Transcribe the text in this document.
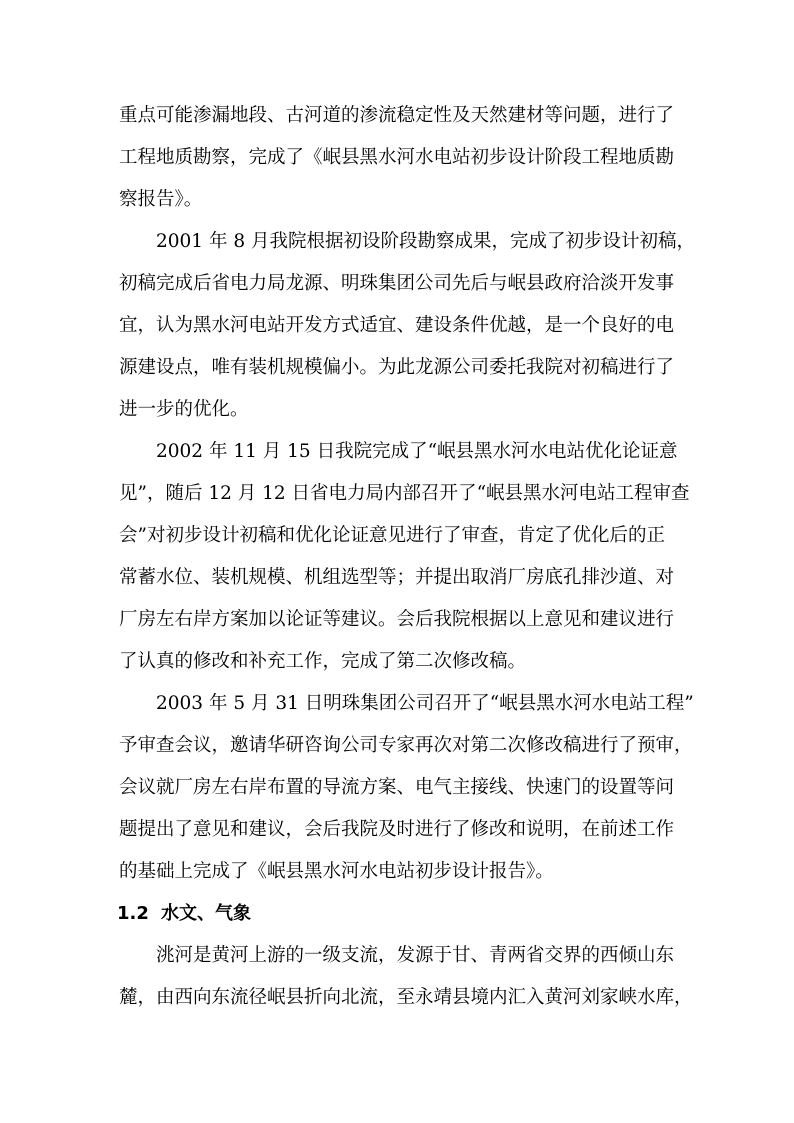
重点可能渗漏地段、古河道的渗流稳定性及天然建材等问题，进行了
工程地质勘察，完成了《岷县黑水河水电站初步设计阶段工程地质勘
察报告》。
2001 年 8 月我院根据初设阶段勘察成果，完成了初步设计初稿，
初稿完成后省电力局龙源、明珠集团公司先后与岷县政府洽淡开发事
宜，认为黑水河电站开发方式适宜、建设条件优越，是一个良好的电
源建设点，唯有装机规模偏小。为此龙源公司委托我院对初稿进行了
进一步的优化。
2002 年 11 月 15 日我院完成了“岷县黑水河水电站优化论证意
见”，随后 12 月 12 日省电力局内部召开了“岷县黑水河电站工程审查
会”对初步设计初稿和优化论证意见进行了审查，肯定了优化后的正
常蓄水位、装机规模、机组选型等；并提出取消厂房底孔排沙道、对
厂房左右岸方案加以论证等建议。会后我院根据以上意见和建议进行
了认真的修改和补充工作，完成了第二次修改稿。
2003 年 5 月 31 日明珠集团公司召开了“岷县黑水河水电站工程”
予审查会议，邀请华研咨询公司专家再次对第二次修改稿进行了预审，
会议就厂房左右岸布置的导流方案、电气主接线、快速门的设置等问
题提出了意见和建议，会后我院及时进行了修改和说明，在前述工作
的基础上完成了《岷县黑水河水电站初步设计报告》。
1.2 水文、气象
洮河是黄河上游的一级支流，发源于甘、青两省交界的西倾山东
麓，由西向东流径岷县折向北流，至永靖县境内汇入黄河刘家峡水库，
